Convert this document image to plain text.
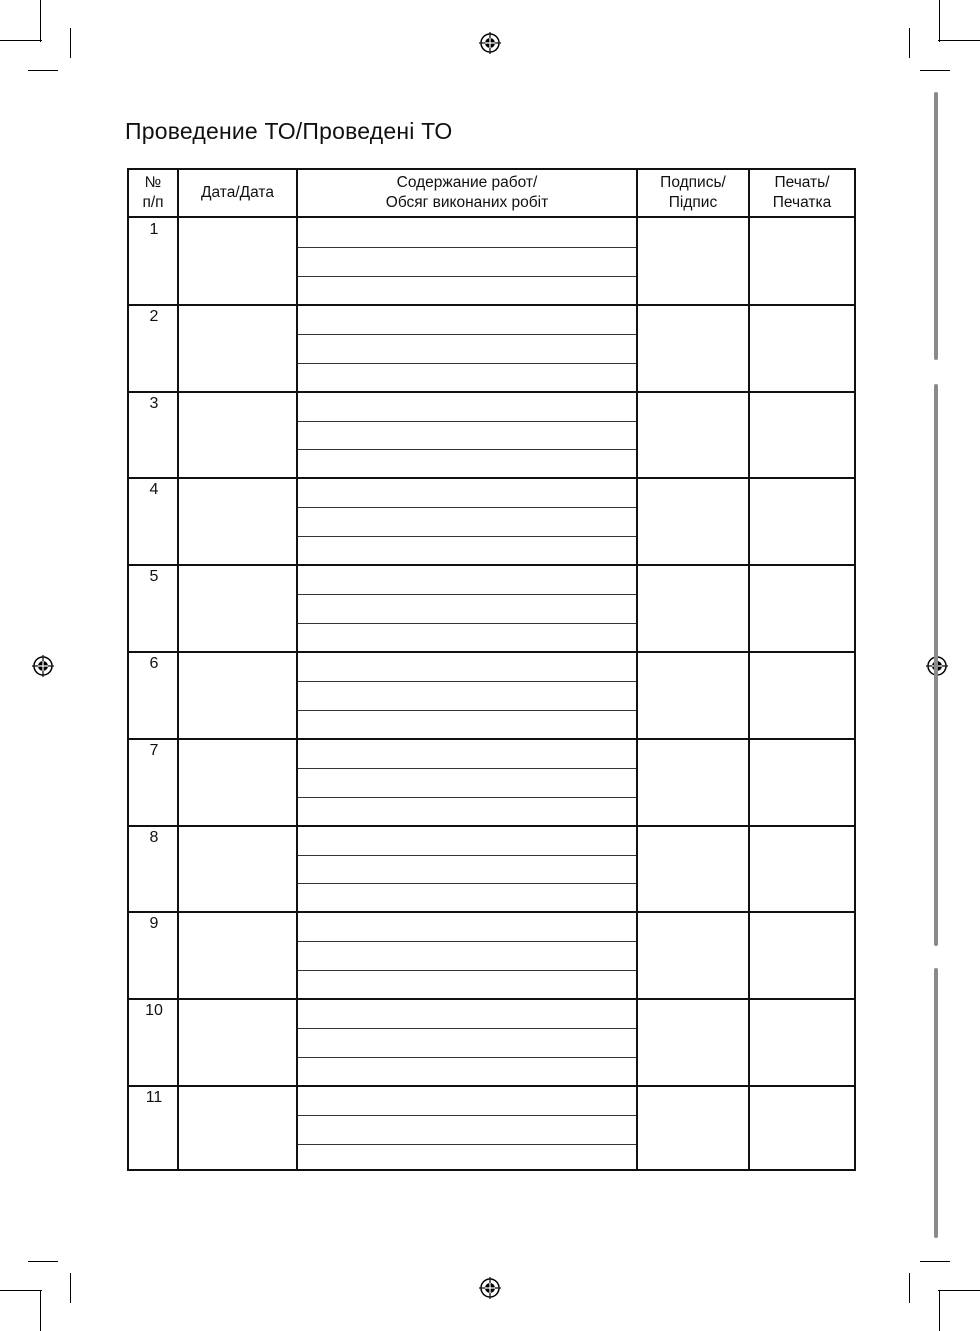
Проведение ТО/Проведені ТО
№
п/п
Дата/Дата
Содержание работ/
Обсяг виконаних робіт
Подпись/
Підпис
Печать/
Печатка
1
2
3
4
5
6
7
8
9
10
11
